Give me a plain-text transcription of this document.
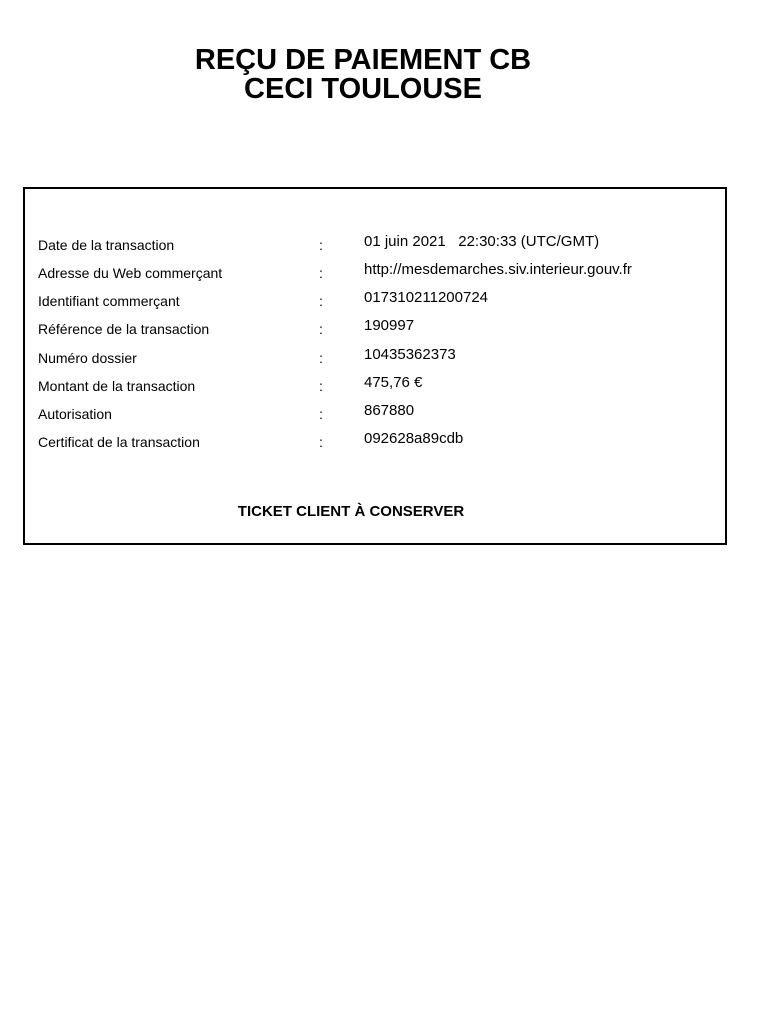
REÇU DE PAIEMENT CB
CECI TOULOUSE
Date de la transaction	:	01 juin 2021   22:30:33 (UTC/GMT)
Adresse du Web commerçant	:	http://mesdemarches.siv.interieur.gouv.fr
Identifiant commerçant	:	017310211200724
Référence de la transaction	:	190997
Numéro dossier	:	10435362373
Montant de la transaction	:	475,76 €
Autorisation	:	867880
Certificat de la transaction	:	092628a89cdb
TICKET CLIENT À CONSERVER
